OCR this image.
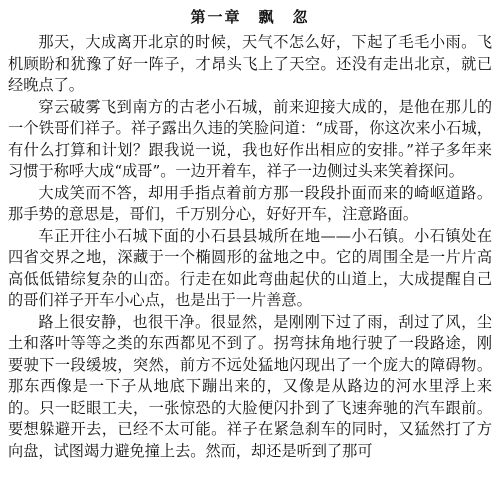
第一章　飘　忽

那天，大成离开北京的时候，天气不怎么好，下起了毛毛小雨。飞机顾盼和犹豫了好一阵子，才昂头飞上了天空。还没有走出北京，就已经晚点了。

穿云破雾飞到南方的古老小石城，前来迎接大成的，是他在那儿的一个铁哥们祥子。祥子露出久违的笑脸问道：“成哥，你这次来小石城，有什么打算和计划？跟我说一说，我也好作出相应的安排。”祥子多年来习惯于称呼大成“成哥”。一边开着车，祥子一边侧过头来笑着探问。

大成笑而不答，却用手指点着前方那一段段扑面而来的崎岖道路。那手势的意思是，哥们，千万别分心，好好开车，注意路面。

车正开往小石城下面的小石县县城所在地——小石镇。小石镇处在四省交界之地，深藏于一个椭圆形的盆地之中。它的周围全是一片片高高低低错综复杂的山峦。行走在如此弯曲起伏的山道上，大成提醒自己的哥们祥子开车小心点，也是出于一片善意。

路上很安静，也很干净。很显然，是刚刚下过了雨，刮过了风，尘土和落叶等等之类的东西都见不到了。拐弯抹角地行驶了一段路途，刚要驶下一段缓坡，突然，前方不远处猛地闪现出了一个庞大的障碍物。那东西像是一下子从地底下蹦出来的，又像是从路边的河水里浮上来的。只一眨眼工夫，一张惊恐的大脸便闪扑到了飞速奔驰的汽车跟前。要想躲避开去，已经不太可能。祥子在紧急刹车的同时，又猛然打了方向盘，试图竭力避免撞上去。然而，却还是听到了那可
